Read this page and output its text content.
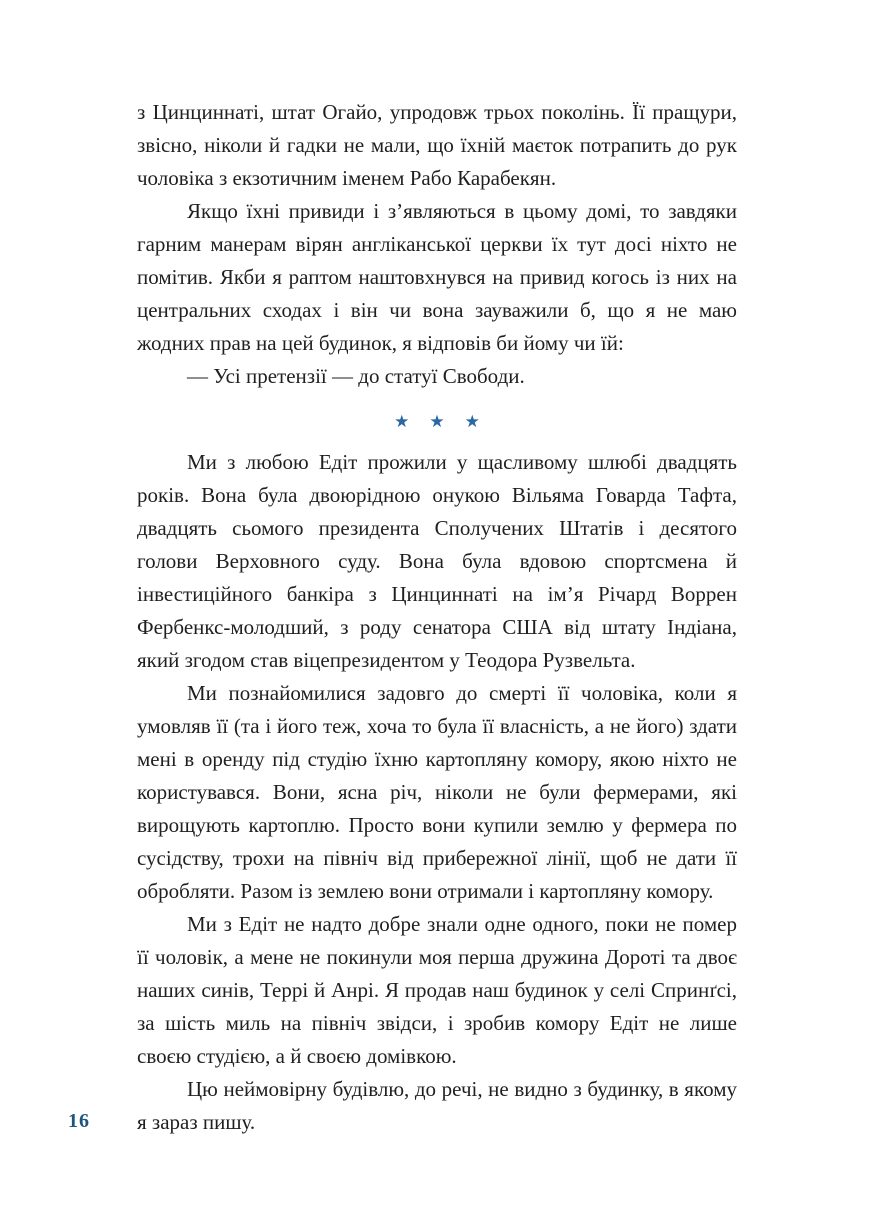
з Цинциннаті, штат Огайо, упродовж трьох поколінь. Її пращури, звісно, ніколи й гадки не мали, що їхній маєток потрапить до рук чоловіка з екзотичним іменем Рабо Карабекян.

Якщо їхні привиди і з’являються в цьому домі, то завдяки гарним манерам вірян англіканської церкви їх тут досі ніхто не помітив. Якби я раптом наштовхнувся на привид когось із них на центральних сходах і він чи вона зауважили б, що я не маю жодних прав на цей будинок, я відповів би йому чи їй:

— Усі претензії — до статуї Свободи.

★ ★ ★

Ми з любою Едіт прожили у щасливому шлюбі двадцять років. Вона була двоюрідною онукою Вільяма Говарда Тафта, двадцять сьомого президента Сполучених Штатів і десятого голови Верховного суду. Вона була вдовою спортсмена й інвестиційного банкіра з Цинциннаті на ім’я Річард Воррен Фербенкс-молодший, з роду сенатора США від штату Індіана, який згодом став віцепрезидентом у Теодора Рузвельта.

Ми познайомилися задовго до смерті її чоловіка, коли я умовляв її (та і його теж, хоча то була її власність, а не його) здати мені в оренду під студію їхню картопляну комору, якою ніхто не користувався. Вони, ясна річ, ніколи не були фермерами, які вирощують картоплю. Просто вони купили землю у фермера по сусідству, трохи на північ від прибережної лінії, щоб не дати її обробляти. Разом із землею вони отримали і картопляну комору.

Ми з Едіт не надто добре знали одне одного, поки не помер її чоловік, а мене не покинули моя перша дружина Дороті та двоє наших синів, Террі й Анрі. Я продав наш будинок у селі Спринґсі, за шість миль на північ звідси, і зробив комору Едіт не лише своєю студією, а й своєю домівкою.

Цю неймовірну будівлю, до речі, не видно з будинку, в якому я зараз пишу.

16
